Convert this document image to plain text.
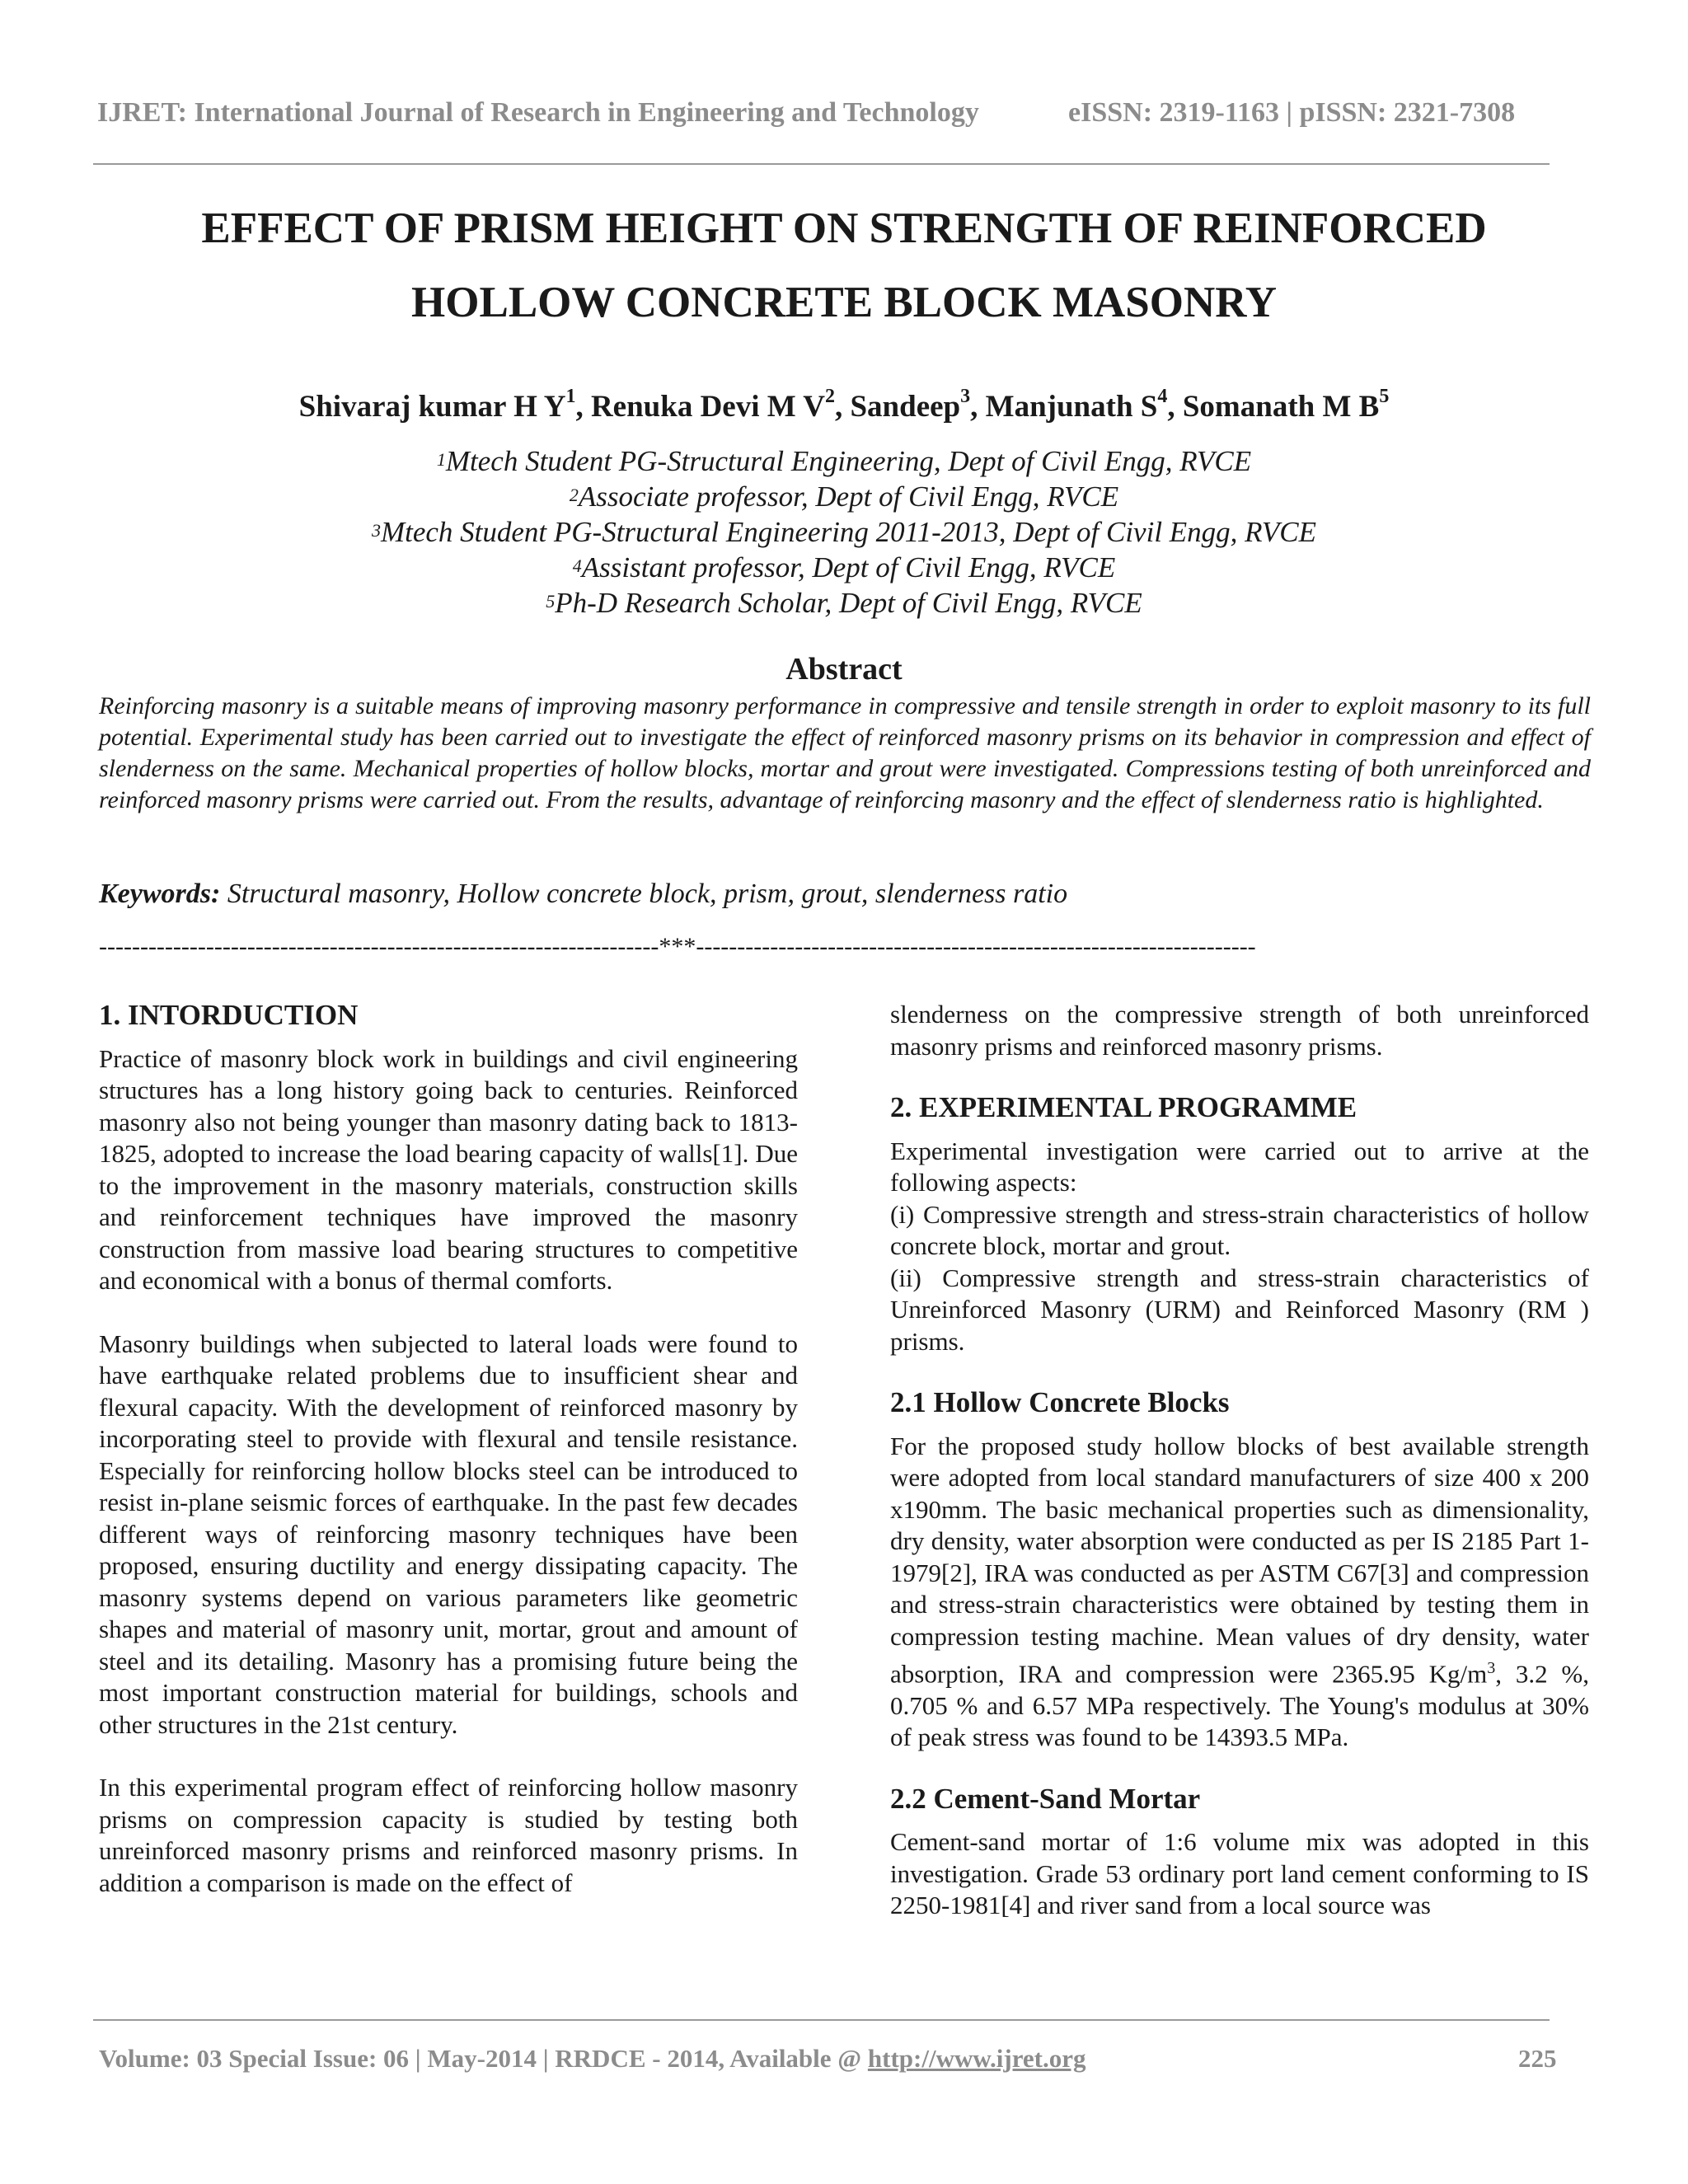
IJRET: International Journal of Research in Engineering and Technology	eISSN: 2319-1163 | pISSN: 2321-7308
EFFECT OF PRISM HEIGHT ON STRENGTH OF REINFORCED
HOLLOW CONCRETE BLOCK MASONRY
Shivaraj kumar H $Y^1$, Renuka Devi M $V^2$, Sandeep$^3$, Manjunath $S^4$, Somanath M $B^5$
$^1$Mtech Student PG-Structural Engineering, Dept of Civil Engg, RVCE
$^2$Associate professor, Dept of Civil Engg, RVCE
$^3$Mtech Student PG-Structural Engineering 2011-2013, Dept of Civil Engg, RVCE
$^4$Assistant professor, Dept of Civil Engg, RVCE
$^5$Ph-D Research Scholar, Dept of Civil Engg, RVCE
Abstract
Reinforcing masonry is a suitable means of improving masonry performance in compressive and tensile strength in order to exploit masonry to its full potential. Experimental study has been carried out to investigate the effect of reinforced masonry prisms on its behavior in compression and effect of slenderness on the same. Mechanical properties of hollow blocks, mortar and grout were investigated. Compressions testing of both unreinforced and reinforced masonry prisms were carried out. From the results, advantage of reinforcing masonry and the effect of slenderness ratio is highlighted.
Keywords: Structural masonry, Hollow concrete block, prism, grout, slenderness ratio
--------------------------------------------------------------------***--------------------------------------------------------------------

1. INTORDUCTION

Practice of masonry block work in buildings and civil engineering structures has a long history going back to centuries. Reinforced masonry also not being younger than masonry dating back to 1813-1825, adopted to increase the load bearing capacity of walls[1]. Due to the improvement in the masonry materials, construction skills and reinforcement techniques have improved the masonry construction from massive load bearing structures to competitive and economical with a bonus of thermal comforts.

Masonry buildings when subjected to lateral loads were found to have earthquake related problems due to insufficient shear and flexural capacity. With the development of reinforced masonry by incorporating steel to provide with flexural and tensile resistance. Especially for reinforcing hollow blocks steel can be introduced to resist in-plane seismic forces of earthquake. In the past few decades different ways of reinforcing masonry techniques have been proposed, ensuring ductility and energy dissipating capacity. The masonry systems depend on various parameters like geometric shapes and material of masonry unit, mortar, grout and amount of steel and its detailing. Masonry has a promising future being the most important construction material for buildings, schools and other structures in the 21st century.

In this experimental program effect of reinforcing hollow masonry prisms on compression capacity is studied by testing both unreinforced masonry prisms and reinforced masonry prisms. In addition a comparison is made on the effect of

slenderness on the compressive strength of both unreinforced masonry prisms and reinforced masonry prisms.

2. EXPERIMENTAL PROGRAMME

Experimental investigation were carried out to arrive at the following aspects:

(i) Compressive strength and stress-strain characteristics of hollow concrete block, mortar and grout.

(ii) Compressive strength and stress-strain characteristics of Unreinforced Masonry (URM) and Reinforced Masonry (RM ) prisms.

2.1 Hollow Concrete Blocks

For the proposed study hollow blocks of best available strength were adopted from local standard manufacturers of size 400 x 200 x190mm. The basic mechanical properties such as dimensionality, dry density, water absorption were conducted as per IS 2185 Part 1-1979[2], IRA was conducted as per ASTM C67[3] and compression and stress-strain characteristics were obtained by testing them in compression testing machine. Mean values of dry density, water absorption, IRA and compression were 2365.95 $Kg/m^3$, 3.2 %, 0.705 % and 6.57 MPa respectively. The Young's modulus at 30% of peak stress was found to be 14393.5 MPa.

2.2 Cement-Sand Mortar

Cement-sand mortar of 1:6 volume mix was adopted in this investigation. Grade 53 ordinary port land cement conforming to IS 2250-1981[4] and river sand from a local source was

Volume: 03 Special Issue: 06 | May-2014 | RRDCE - 2014, Available @ http://www.ijret.org	225
